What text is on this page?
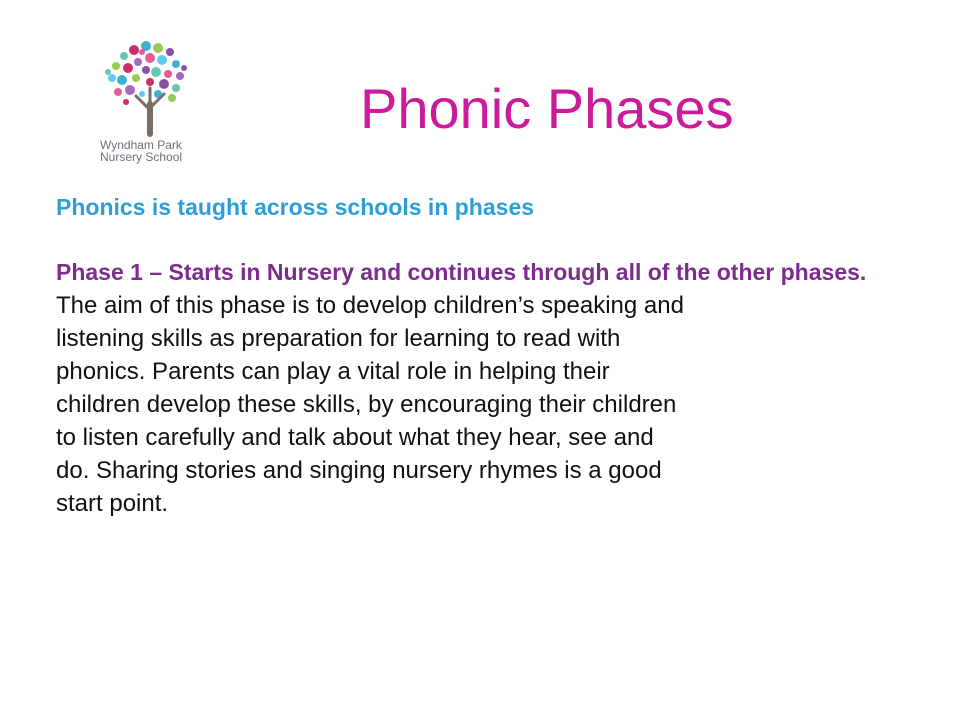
Wyndham Park
Nursery School
Phonic Phases

Phonics is taught across schools in phases

Phase 1 – Starts in Nursery and continues through all of the other phases.

The aim of this phase is to develop children’s speaking and

listening skills as preparation for learning to read with

phonics. Parents can play a vital role in helping their

children develop these skills, by encouraging their children

to listen carefully and talk about what they hear, see and

do. Sharing stories and singing nursery rhymes is a good

start point.
